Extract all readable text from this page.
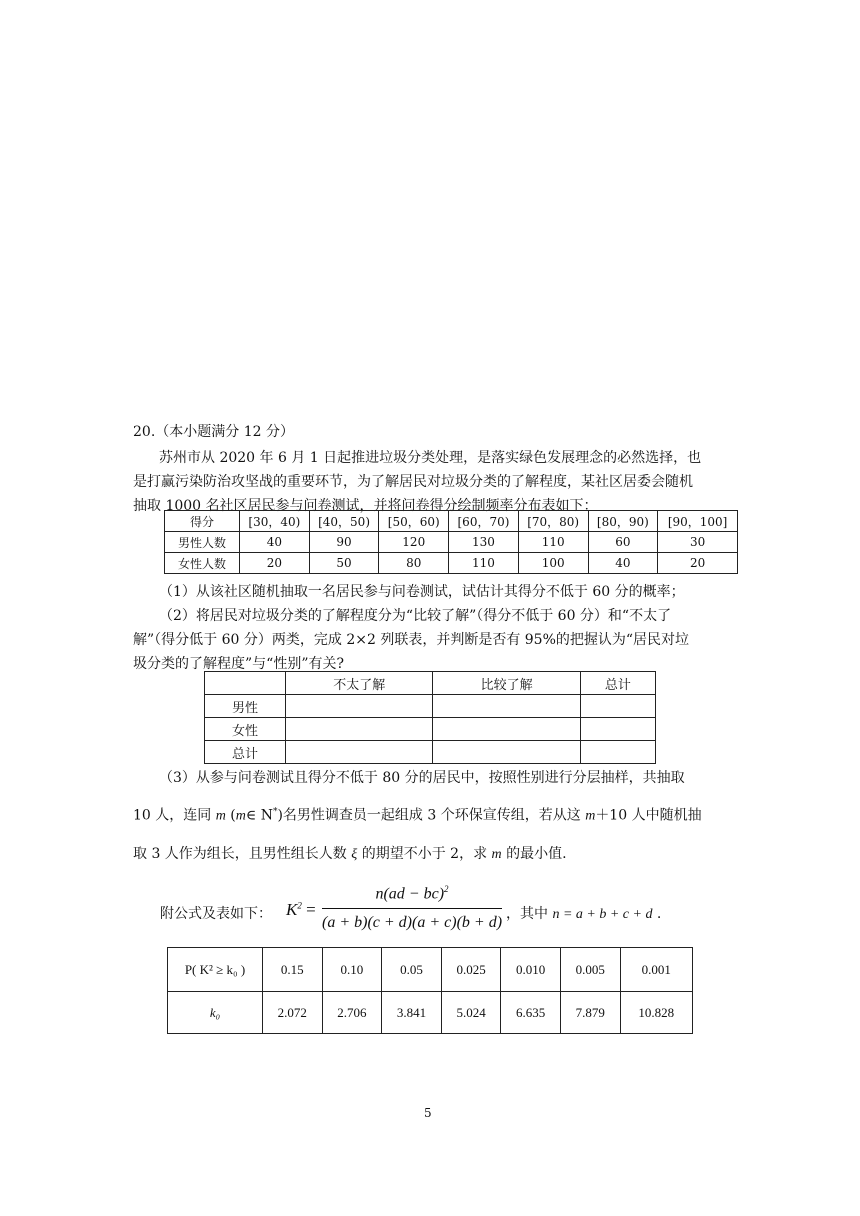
20.（本小题满分 12 分）
苏州市从 2020 年 6 月 1 日起推进垃圾分类处理，是落实绿色发展理念的必然选择，也
是打赢污染防治攻坚战的重要环节，为了解居民对垃圾分类的了解程度，某社区居委会随机
抽取 1000 名社区居民参与问卷测试，并将问卷得分绘制频率分布表如下：
得分	[30，40)	[40，50)	[50，60)	[60，70)	[70，80)	[80，90)	[90，100]
男性人数	40	90	120	130	110	60	30
女性人数	20	50	80	110	100	40	20
（1）从该社区随机抽取一名居民参与问卷测试，试估计其得分不低于 60 分的概率；
（2）将居民对垃圾分类的了解程度分为“比较了解”（得分不低于 60 分）和“不太了
解”（得分低于 60 分）两类，完成 2×2 列联表，并判断是否有 95%的把握认为“居民对垃
圾分类的了解程度”与“性别”有关?
	不太了解	比较了解	总计
男性			
女性			
总计			
（3）从参与问卷测试且得分不低于 80 分的居民中，按照性别进行分层抽样，共抽取
10 人，连同 m (m∈ N*)名男性调查员一起组成 3 个环保宣传组，若从这 m＋10 人中随机抽
取 3 人作为组长，且男性组长人数 ξ 的期望不小于 2，求 m 的最小值.
附公式及表如下： $K^2$ =
n(ad − bc)$^2$
(a + b)(c + d)(a + c)(b + d) ，其中 n = a + b + c + d .
P( K² ≥ k₀ )	0.15	0.10	0.05	0.025	0.010	0.005	0.001
k₀	2.072	2.706	3.841	5.024	6.635	7.879	10.828
5
